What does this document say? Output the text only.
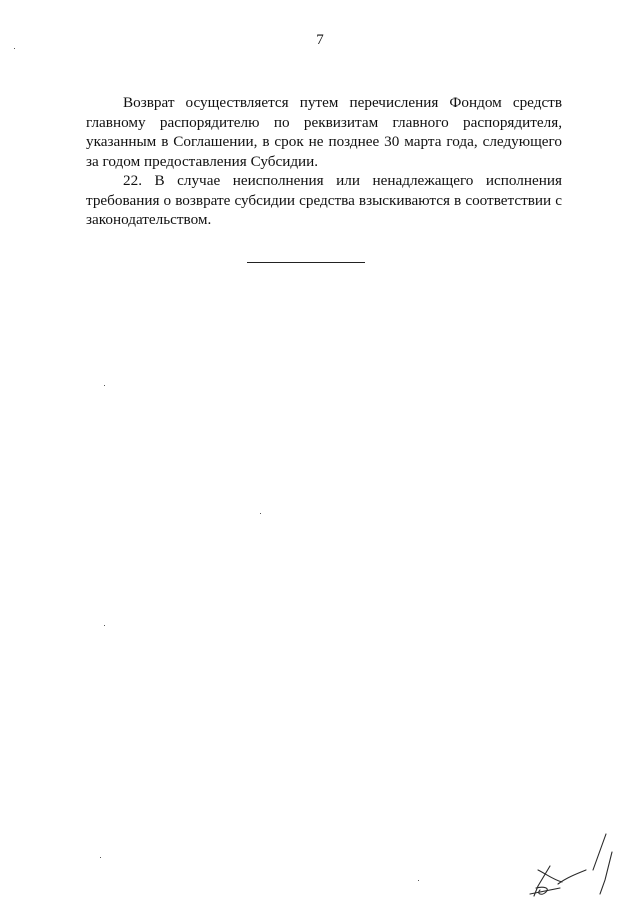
7

Возврат осуществляется путем перечисления Фондом средств главному распорядителю по реквизитам главного распорядителя, указанным в Соглашении, в срок не позднее 30 марта года, следующего за годом предоставления Субсидии.

22. В случае неисполнения или ненадлежащего исполнения требования о возврате субсидии средства взыскиваются в соответствии с законодательством.
